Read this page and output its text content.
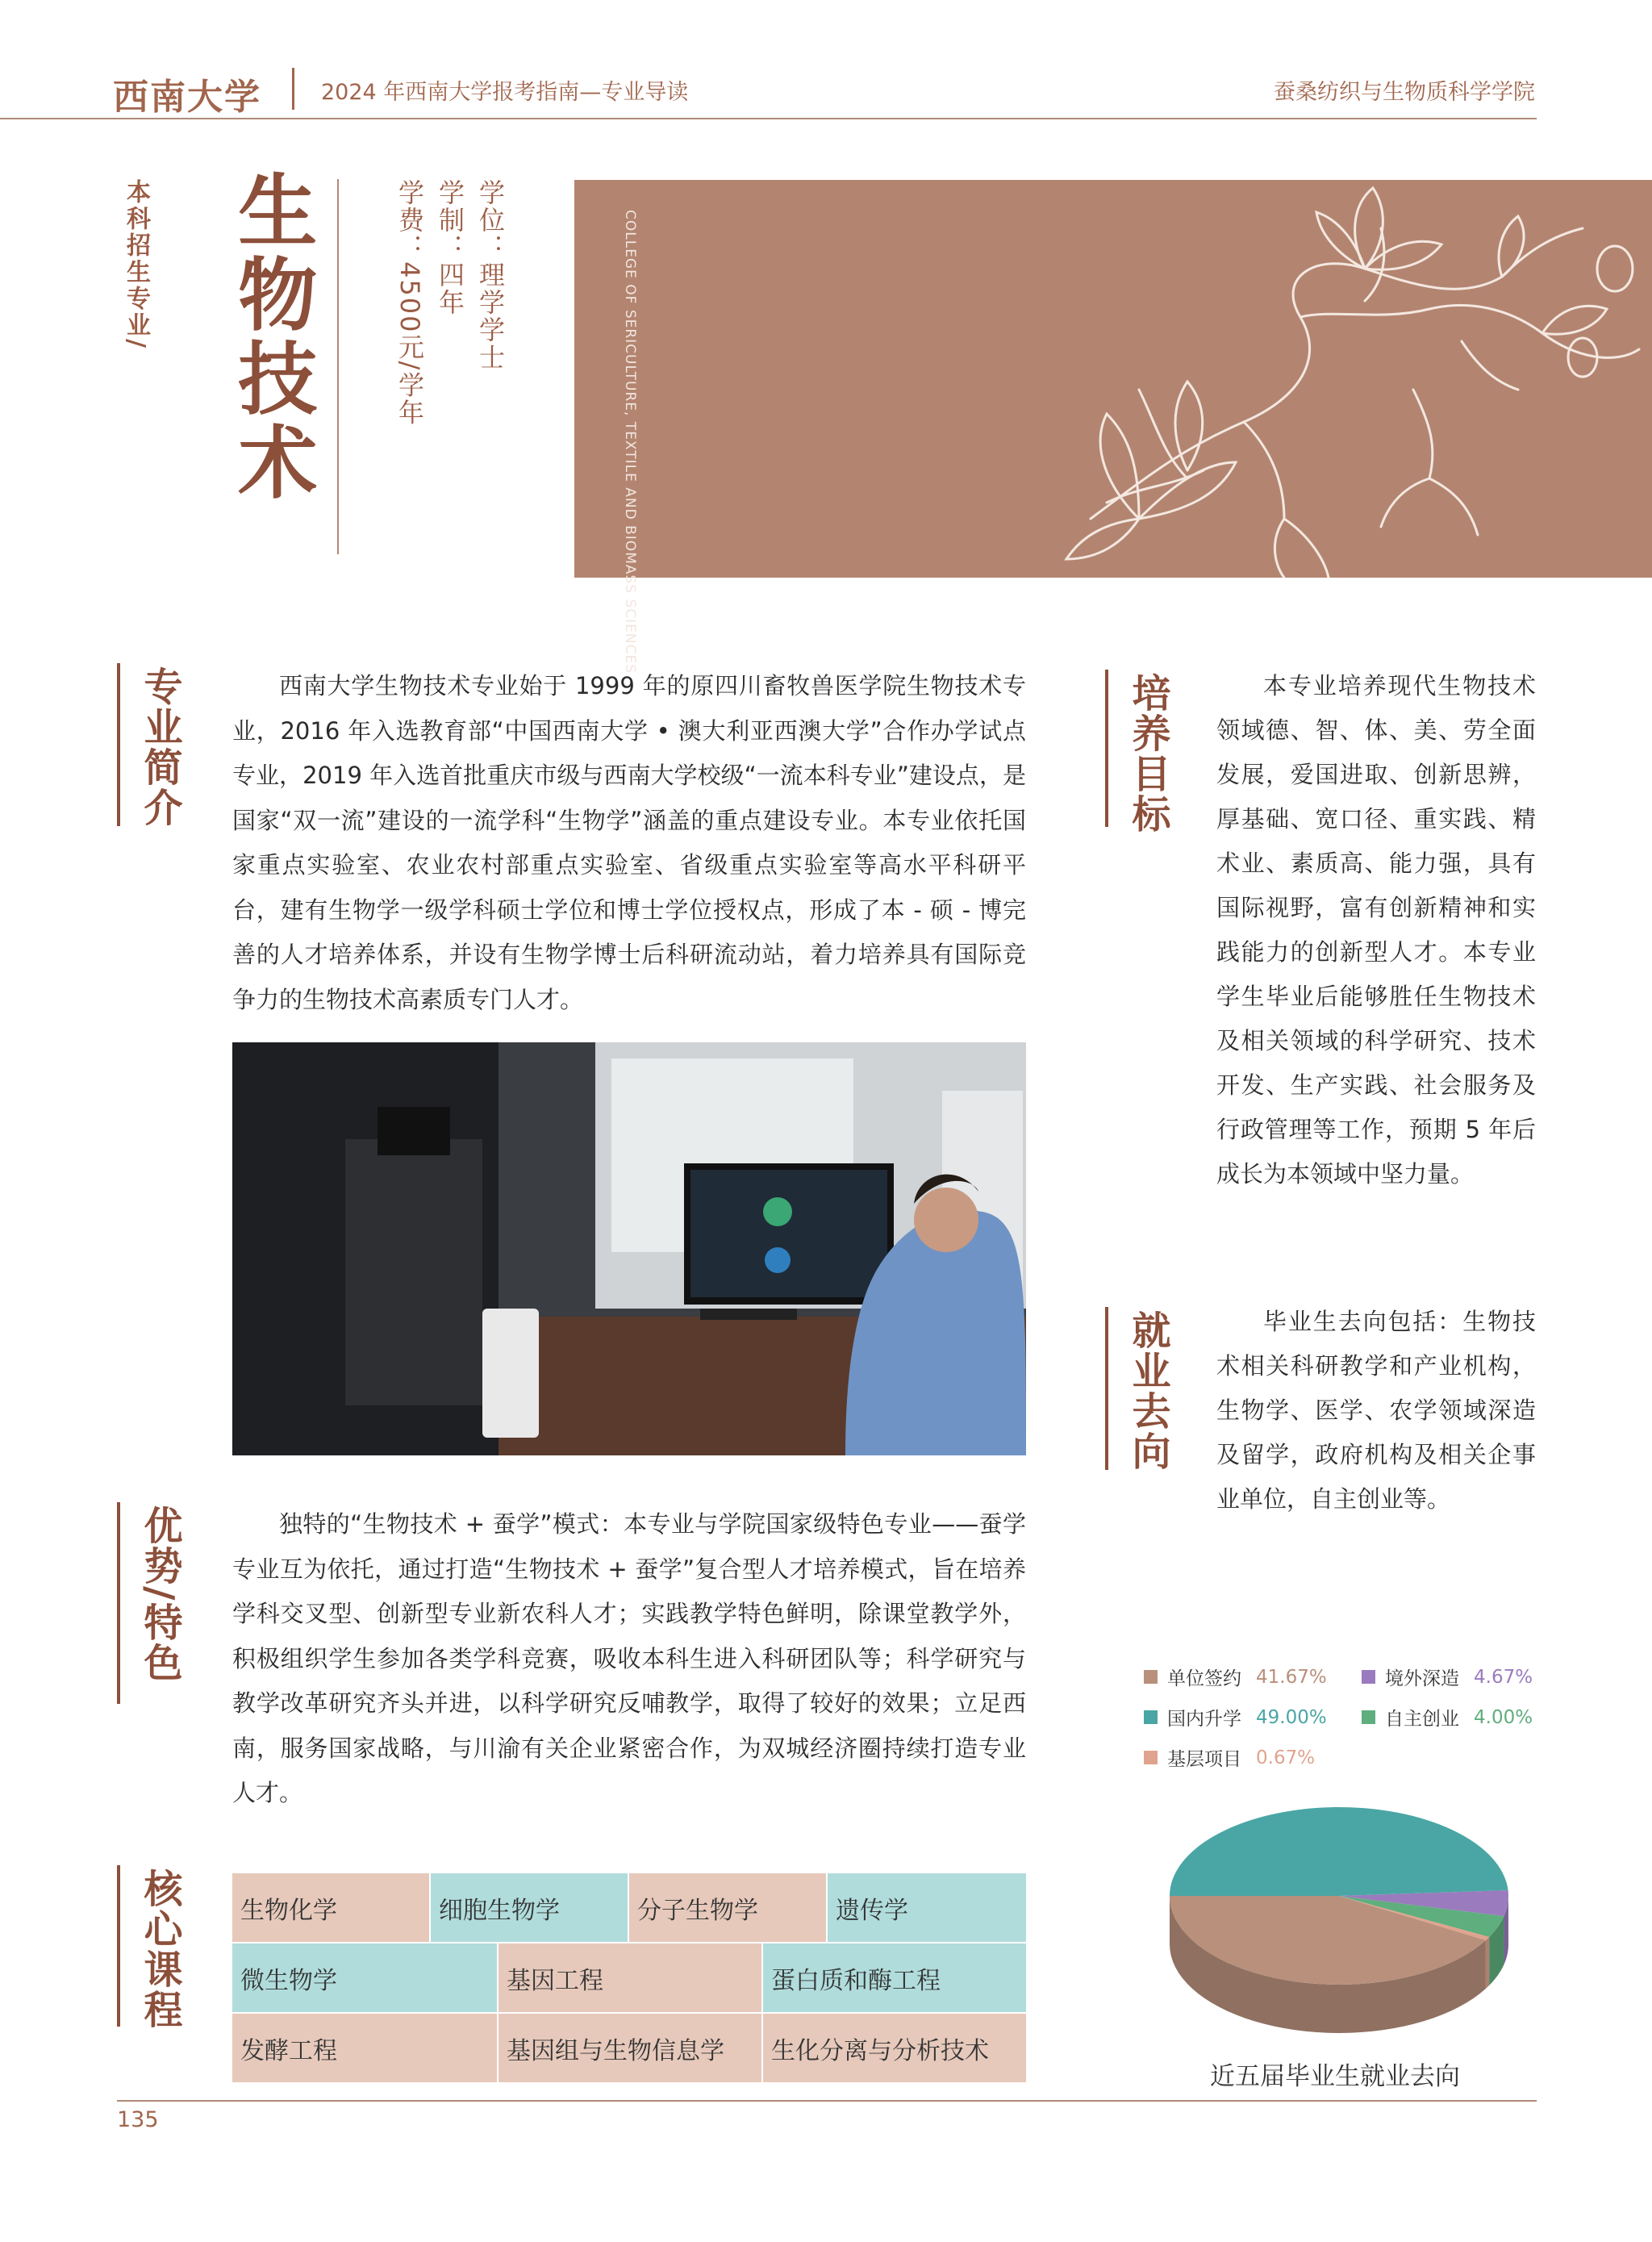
西南大学	2024 年西南大学报考指南—专业导读	蚕桑纺织与生物质科学学院
本科招生专业/ 生物技术	学位：理学学士
学制：四年
学费：4500元/学年	COLLEGE OF SERICULTURE, TEXTILE AND BIOMASS SCIENCES
专业简介	西南大学生物技术专业始于 1999 年的原四川畜牧兽医学院生物技术专业，2016 年入选教育部“中国西南大学 • 澳大利亚西澳大学”合作办学试点专业，2019 年入选首批重庆市级与西南大学校级“一流本科专业”建设点，是国家“双一流”建设的一流学科“生物学”涵盖的重点建设专业。本专业依托国家重点实验室、农业农村部重点实验室、省级重点实验室等高水平科研平台，建有生物学一级学科硕士学位和博士学位授权点，形成了本 - 硕 - 博完善的人才培养体系，并设有生物学博士后科研流动站，着力培养具有国际竞争力的生物技术高素质专门人才。

优势/特色	独特的“生物技术 + 蚕学”模式：本专业与学院国家级特色专业——蚕学专业互为依托，通过打造“生物技术 + 蚕学”复合型人才培养模式，旨在培养学科交叉型、创新型专业新农科人才；实践教学特色鲜明，除课堂教学外，积极组织学生参加各类学科竞赛，吸收本科生进入科研团队等；科学研究与教学改革研究齐头并进，以科学研究反哺教学，取得了较好的效果；立足西南，服务国家战略，与川渝有关企业紧密合作，为双城经济圈持续打造专业人才。

核心课程	生物化学	细胞生物学	分子生物学	遗传学
微生物学	基因工程	蛋白质和酶工程
发酵工程	基因组与生物信息学	生化分离与分析技术
培养目标	本专业培养现代生物技术领域德、智、体、美、劳全面发展，爱国进取、创新思辨，厚基础、宽口径、重实践、精术业、素质高、能力强，具有国际视野，富有创新精神和实践能力的创新型人才。本专业学生毕业后能够胜任生物技术及相关领域的科学研究、技术开发、生产实践、社会服务及行政管理等工作，预期 5 年后成长为本领域中坚力量。

就业去向	毕业生去向包括：生物技术相关科研教学和产业机构，生物学、医学、农学领域深造及留学，政府机构及相关企事业单位，自主创业等。

单位签约 41.67%	境外深造 4.67%
国内升学 49.00%	自主创业 4.00%
基层项目 0.67%
近五届毕业生就业去向
135
